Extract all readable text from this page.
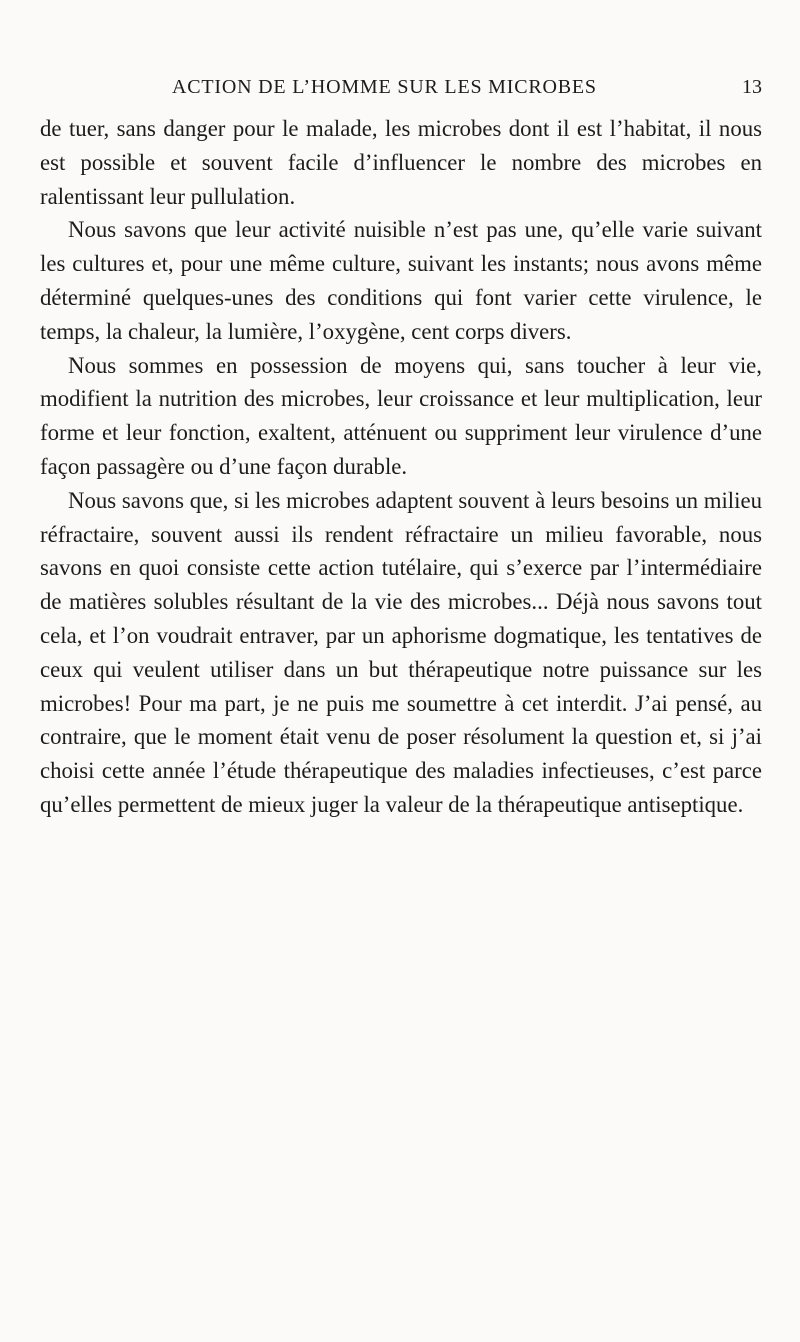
ACTION DE L’HOMME SUR LES MICROBES	13

de tuer, sans danger pour le malade, les microbes dont il est l’habitat, il nous est possible et souvent facile d’influencer le nombre des microbes en ralentissant leur pullulation.

Nous savons que leur activité nuisible n’est pas une, qu’elle varie suivant les cultures et, pour une même culture, suivant les instants; nous avons même déterminé quelques-unes des conditions qui font varier cette virulence, le temps, la chaleur, la lumière, l’oxygène, cent corps divers.

Nous sommes en possession de moyens qui, sans toucher à leur vie, modifient la nutrition des microbes, leur croissance et leur multiplication, leur forme et leur fonction, exaltent, atténuent ou suppriment leur virulence d’une façon passagère ou d’une façon durable.

Nous savons que, si les microbes adaptent souvent à leurs besoins un milieu réfractaire, souvent aussi ils rendent réfractaire un milieu favorable, nous savons en quoi consiste cette action tutélaire, qui s’exerce par l’intermédiaire de matières solubles résultant de la vie des microbes... Déjà nous savons tout cela, et l’on voudrait entraver, par un aphorisme dogmatique, les tentatives de ceux qui veulent utiliser dans un but thérapeutique notre puissance sur les microbes! Pour ma part, je ne puis me soumettre à cet interdit. J’ai pensé, au contraire, que le moment était venu de poser résolument la question et, si j’ai choisi cette année l’étude thérapeutique des maladies infectieuses, c’est parce qu’elles permettent de mieux juger la valeur de la thérapeutique antiseptique.
